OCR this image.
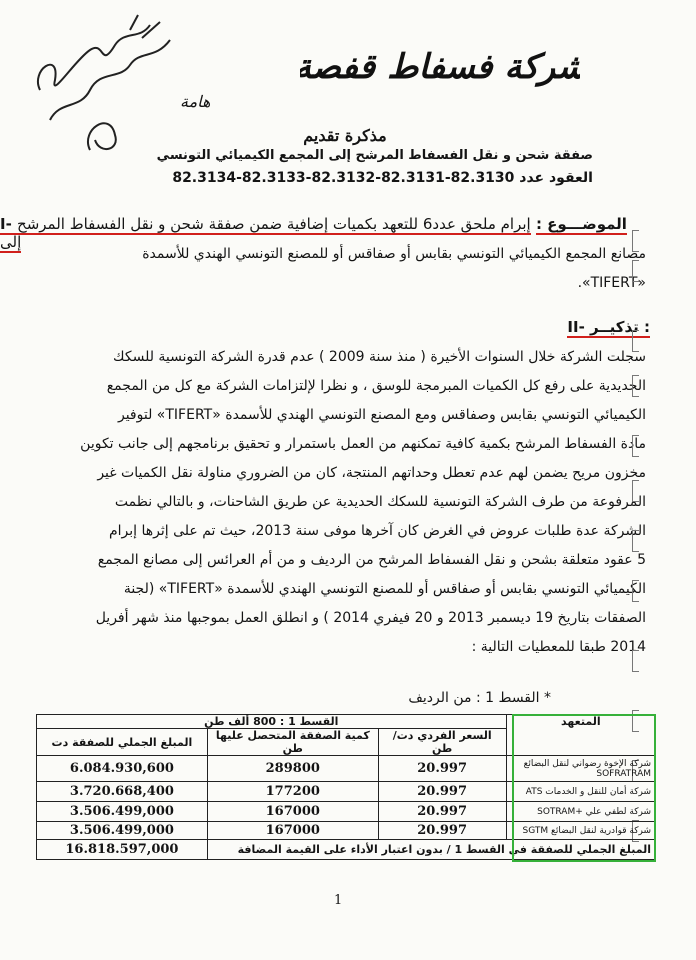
هامة
شركة فسفاط قفصة
مذكرة تقديم
صفقة شحن و نقل الفسفاط المرشح إلى المجمع الكيميائي التونسي
العقود عدد 82.3130-82.3131-82.3132-82.3133-82.3134
I- الموضـــوع : إبرام ملحق عدد6 للتعهد بكميات إضافية ضمن صفقة شحن و نقل الفسفاط المرشح إلى
مصانع المجمع الكيميائي التونسي بقابس أو صفاقس أو للمصنع التونسي الهندي للأسمدة
«TIFERT».
II- تذكيــر :
سجلت الشركة خلال السنوات الأخيرة ( منذ سنة 2009 ) عدم قدرة الشركة التونسية للسكك
الحديدية على رفع كل الكميات المبرمجة للوسق ، و نظرا لإلتزامات الشركة مع كل من المجمع
الكيميائي التونسي بقابس وصفاقس ومع المصنع التونسي الهندي للأسمدة «TIFERT» لتوفير
مادة الفسفاط المرشح بكمية كافية تمكنهم من العمل باستمرار و تحقيق برنامجهم إلى جانب تكوين
مخزون مريح يضمن لهم عدم تعطل وحداتهم المنتجة، كان من الضروري مناولة نقل الكميات غير
المرفوعة من طرف الشركة التونسية للسكك الحديدية عن طريق الشاحنات، و بالتالي نظمت
الشركة عدة طلبات عروض في الغرض كان آخرها موفى سنة 2013، حيث تم على إثرها إبرام
5 عقود متعلقة بشحن و نقل الفسفاط المرشح من الرديف و من أم العرائس إلى مصانع المجمع
الكيميائي التونسي بقابس أو صفاقس أو للمصنع التونسي الهندي للأسمدة «TIFERT» (لجنة
الصفقات بتاريخ 19 ديسمبر 2013 و 20 فيفري 2014 ) و انطلق العمل بموجبها منذ شهر أفريل
2014 طبقا للمعطيات التالية :
* القسط 1 : من الرديف
القسط 1 : 800 ألف طن			المتعهد
المبلغ الجملي للصفقة دت	كمية الصفقة المتحصل عليها طن	السعر الفردي دت/طن	
6.084.930,600	289800	20.997	شركة الإخوة رضواني لنقل البضائع SOFRATRAM
3.720.668,400	177200	20.997	شركة أمان للنقل و الخدمات ATS
3.506.499,000	167000	20.997	شركة لطفي علي +SOTRAM
3.506.499,000	167000	20.997	شركة قوادرية لنقل البضائع SGTM
16.818.597,000	المبلغ الجملي للصفقة في القسط 1 / بدون اعتبار الأداء على القيمة المضافة		
1
